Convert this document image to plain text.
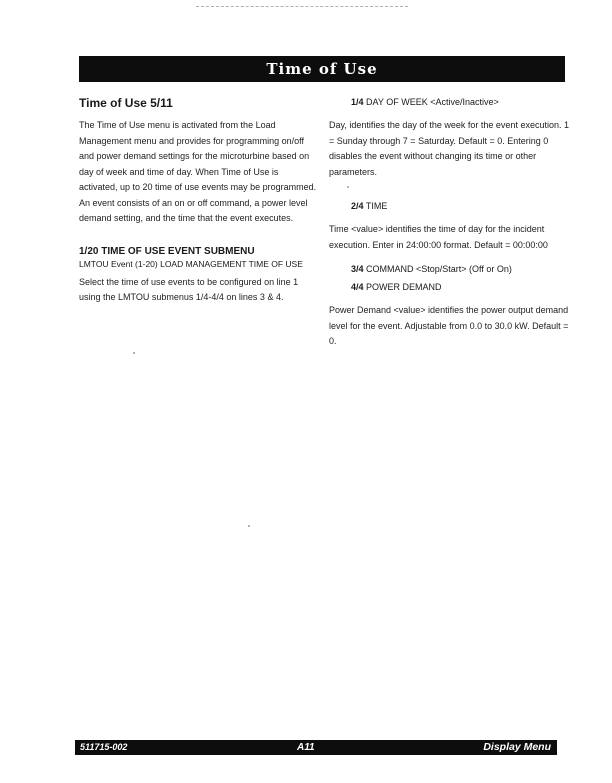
Time of Use
Time of Use 5/11

The Time of Use menu is activated from the Load Management menu and provides for programming on/off and power demand settings for the microturbine based on day of week and time of day. When Time of Use is activated, up to 20 time of use events may be programmed. An event consists of an on or off command, a power level demand setting, and the time that the event executes.

1/20 TIME OF USE EVENT SUBMENU
LMTOU Event (1-20) LOAD MANAGEMENT TIME OF USE

Select the time of use events to be configured on line 1 using the LMTOU submenus 1/4-4/4 on lines 3 & 4.

1/4 DAY OF WEEK <Active/Inactive>

Day, identifies the day of the week for the event execution. 1 = Sunday through 7 = Saturday. Default = 0. Entering 0 disables the event without changing its time or other parameters.

2/4 TIME

Time <value> identifies the time of day for the incident execution. Enter in 24:00:00 format. Default = 00:00:00

3/4 COMMAND <Stop/Start> (Off or On)
4/4 POWER DEMAND

Power Demand <value> identifies the power output demand level for the event. Adjustable from 0.0 to 30.0 kW. Default = 0.

511715-002	A11	Display Menu
